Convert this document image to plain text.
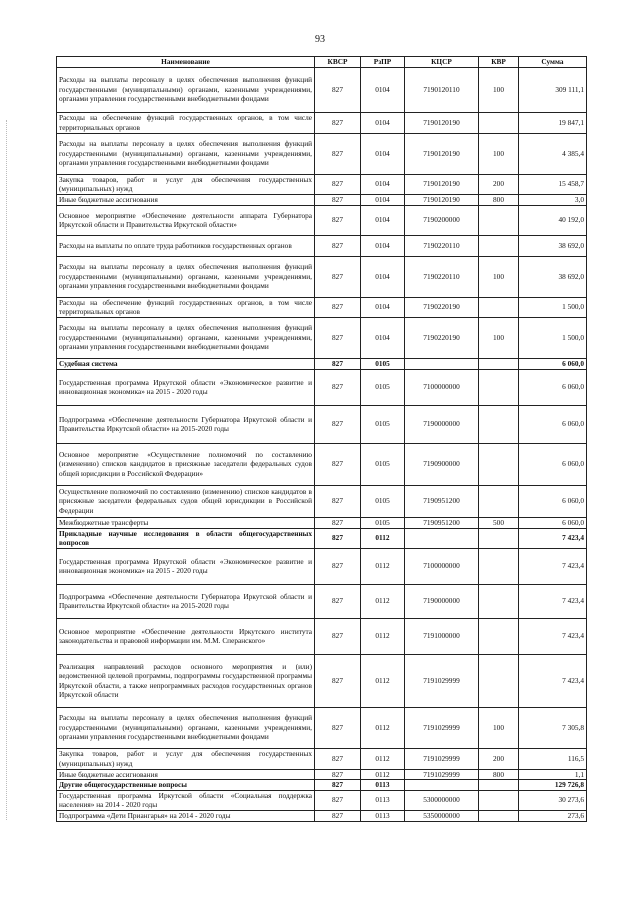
93
Наименование	КВСР	РзПР	КЦСР	КВР	Сумма
Расходы на выплаты персоналу в целях обеспечения выполнения функций государственными (муниципальными) органами, казенными учреждениями, органами управления государственными внебюджетными фондами	827	0104	7190120110	100	309 111,1
Расходы на обеспечение функций государственных органов, в том числе территориальных органов	827	0104	7190120190		19 847,1
Расходы на выплаты персоналу в целях обеспечения выполнения функций государственными (муниципальными) органами, казенными учреждениями, органами управления государственными внебюджетными фондами	827	0104	7190120190	100	4 385,4
Закупка товаров, работ и услуг для обеспечения государственных (муниципальных) нужд	827	0104	7190120190	200	15 458,7
Иные бюджетные ассигнования	827	0104	7190120190	800	3,0
Основное мероприятие «Обеспечение деятельности аппарата Губернатора Иркутской области и Правительства Иркутской области»	827	0104	7190200000		40 192,0
Расходы на выплаты по оплате труда работников государственных органов	827	0104	7190220110		38 692,0
Расходы на выплаты персоналу в целях обеспечения выполнения функций государственными (муниципальными) органами, казенными учреждениями, органами управления государственными внебюджетными фондами	827	0104	7190220110	100	38 692,0
Расходы на обеспечение функций государственных органов, в том числе территориальных органов	827	0104	7190220190		1 500,0
Расходы на выплаты персоналу в целях обеспечения выполнения функций государственными (муниципальными) органами, казенными учреждениями, органами управления государственными внебюджетными фондами	827	0104	7190220190	100	1 500,0
Судебная система	827	0105			6 060,0
Государственная программа Иркутской области «Экономическое развитие и инновационная экономика» на 2015 - 2020 годы	827	0105	7100000000		6 060,0
Подпрограмма «Обеспечение деятельности Губернатора Иркутской области и Правительства Иркутской области» на 2015-2020 годы	827	0105	7190000000		6 060,0
Основное мероприятие «Осуществление полномочий по составлению (изменению) списков кандидатов в присяжные заседатели федеральных судов общей юрисдикции в Российской Федерации»	827	0105	7190900000		6 060,0
Осуществление полномочий по составлению (изменению) списков кандидатов в присяжные заседатели федеральных судов общей юрисдикции в Российской Федерации	827	0105	7190951200		6 060,0
Межбюджетные трансферты	827	0105	7190951200	500	6 060,0
Прикладные научные исследования в области общегосударственных вопросов	827	0112			7 423,4
Государственная программа Иркутской области «Экономическое развитие и инновационная экономика» на 2015 - 2020 годы	827	0112	7100000000		7 423,4
Подпрограмма «Обеспечение деятельности Губернатора Иркутской области и Правительства Иркутской области» на 2015-2020 годы	827	0112	7190000000		7 423,4
Основное мероприятие «Обеспечение деятельности Иркутского института законодательства и правовой информации им. М.М. Сперанского»	827	0112	7191000000		7 423,4
Реализация направлений расходов основного мероприятия и (или) ведомственной целевой программы, подпрограммы государственной программы Иркутской области, а также непрограммных расходов государственных органов Иркутской области	827	0112	7191029999		7 423,4
Расходы на выплаты персоналу в целях обеспечения выполнения функций государственными (муниципальными) органами, казенными учреждениями, органами управления государственными внебюджетными фондами	827	0112	7191029999	100	7 305,8
Закупка товаров, работ и услуг для обеспечения государственных (муниципальных) нужд	827	0112	7191029999	200	116,5
Иные бюджетные ассигнования	827	0112	7191029999	800	1,1
Другие общегосударственные вопросы	827	0113			129 726,8
Государственная программа Иркутской области «Социальная поддержка населения» на 2014 - 2020 годы	827	0113	5300000000		30 273,6
Подпрограмма «Дети Приангарья» на 2014 - 2020 годы	827	0113	5350000000		273,6
